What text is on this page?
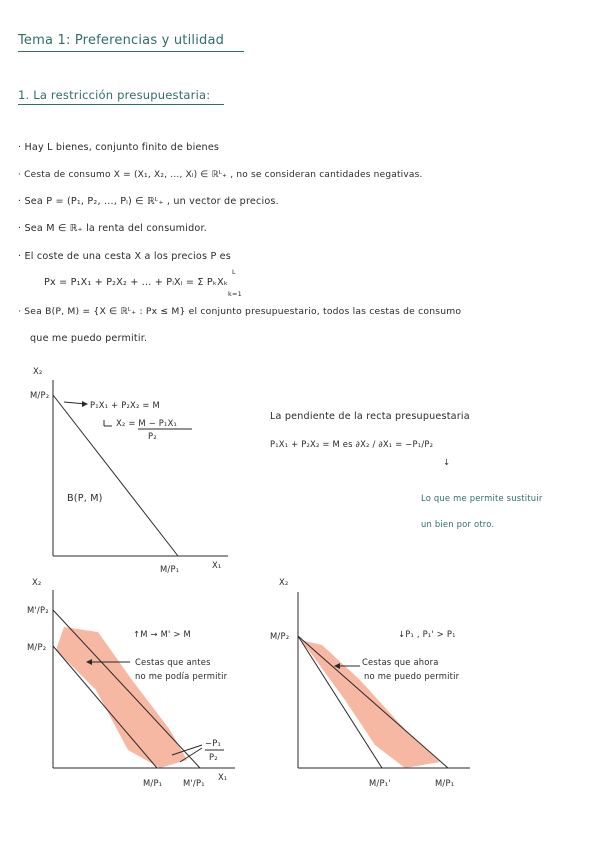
Tema 1: Preferencias y utilidad
1. La restricción presupuestaria:
· Hay L bienes, conjunto finito de bienes
· Cesta de consumo X = (X₁, X₂, ..., Xₗ) ∈ ℝᴸ₊ , no se consideran cantidades negativas.
· Sea P = (P₁, P₂, ..., Pₗ) ∈ ℝᴸ₊ , un vector de precios.
· Sea M ∈ ℝ₊ la renta del consumidor.
· El coste de una cesta X a los precios P es
Px = P₁X₁ + P₂X₂ + ... + PₗXₗ = Σ PₖXₖ
L
k=1
· Sea B(P, M) = {X ∈ ℝᴸ₊ : Px ≤ M} el conjunto presupuestario, todos las cestas de consumo
que me puedo permitir.
X₂
M/P₂
X₁
M/P₁
P₁X₁ + P₂X₂ = M
X₂ = M − P₁X₁
P₂
B(P, M)
La pendiente de la recta presupuestaria
P₁X₁ + P₂X₂ = M es ∂X₂ / ∂X₁ = −P₁/P₂
↓
Lo que me permite sustituir
un bien por otro.
X₂
M'/P₂
M/P₂
X₁
M/P₁ M'/P₁
↑M → M' > M
Cestas que antes
no me podía permitir
−P₁
P₂
X₂
M/P₂
M/P₁'	M/P₁
↓P₁ , P₁' > P₁
Cestas que ahora
no me puedo permitir
